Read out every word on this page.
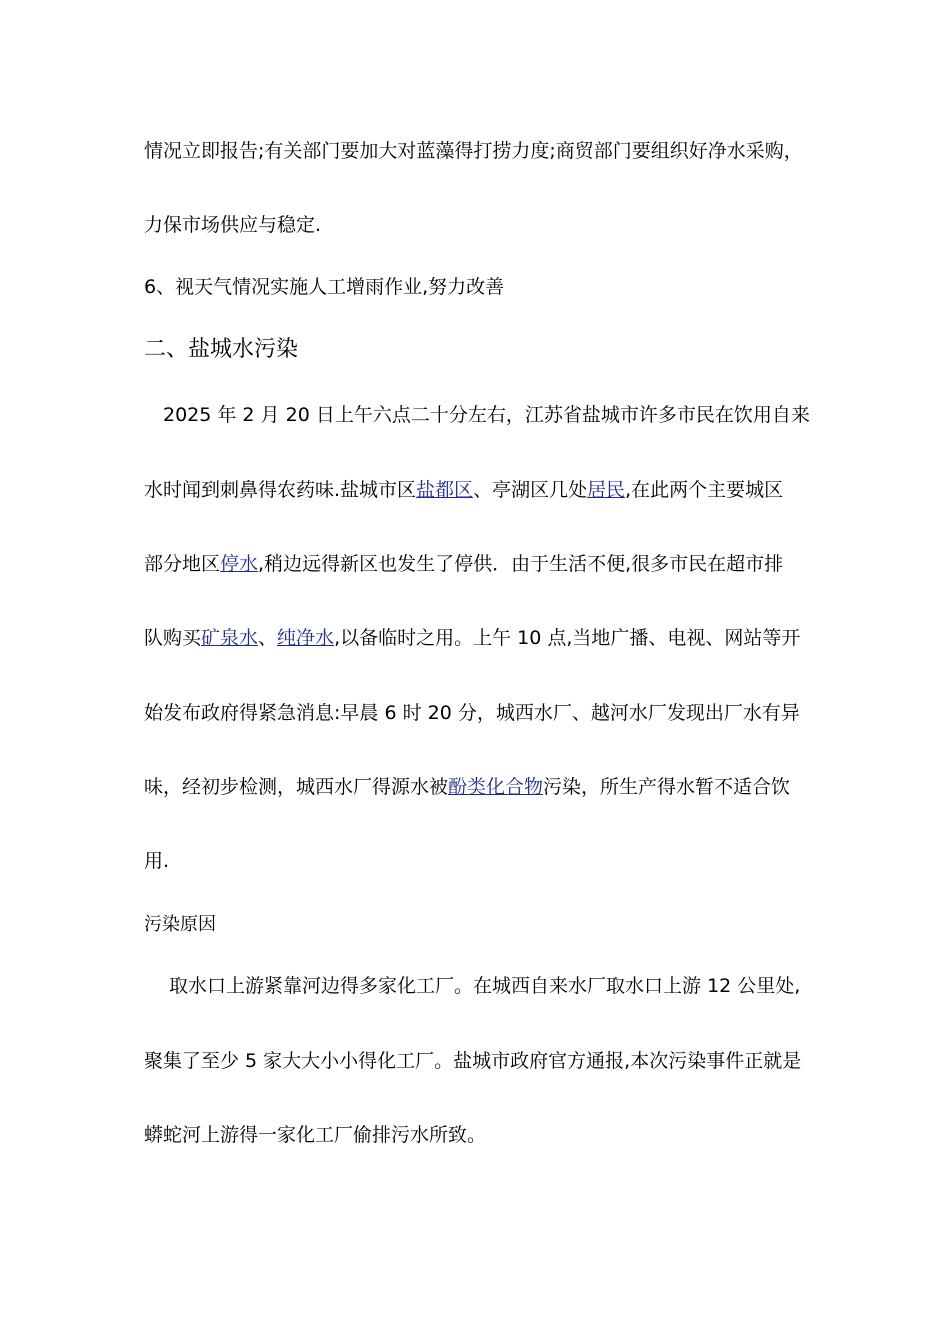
情况立即报告;有关部门要加大对蓝藻得打捞力度;商贸部门要组织好净水采购，
力保市场供应与稳定.
6、视天气情况实施人工增雨作业,努力改善
二、盐城水污染
　2025 年 2 月 20 日上午六点二十分左右，江苏省盐城市许多市民在饮用自来
水时闻到刺鼻得农药味.盐城市区盐都区、亭湖区几处居民,在此两个主要城区
部分地区停水,稍边远得新区也发生了停供．由于生活不便,很多市民在超市排
队购买矿泉水、纯净水,以备临时之用。上午 10 点,当地广播、电视、网站等开
始发布政府得紧急消息:早晨 6 时 20 分，城西水厂、越河水厂发现出厂水有异
味，经初步检测，城西水厂得源水被酚类化合物污染，所生产得水暂不适合饮
用.
污染原因
　 取水口上游紧靠河边得多家化工厂。在城西自来水厂取水口上游 12 公里处,
聚集了至少 5 家大大小小得化工厂。盐城市政府官方通报,本次污染事件正就是
蟒蛇河上游得一家化工厂偷排污水所致。
